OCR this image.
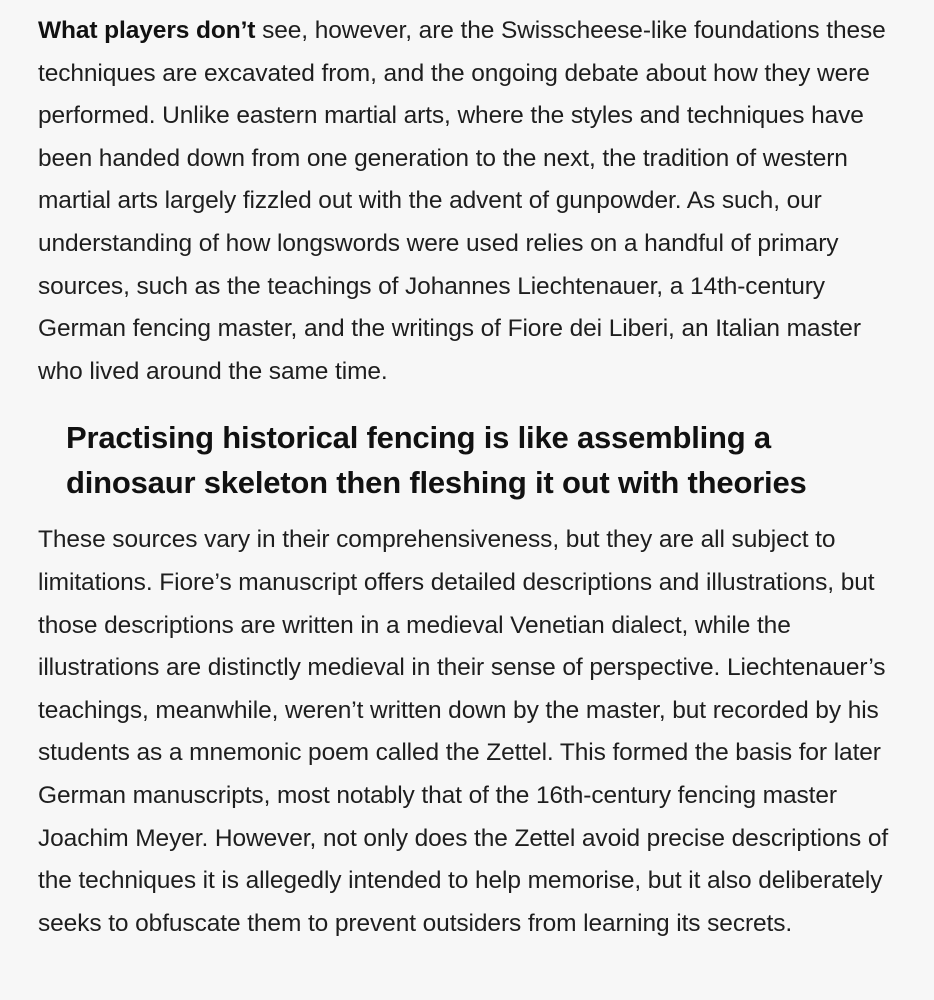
What players don’t see, however, are the Swisscheese-like foundations these techniques are excavated from, and the ongoing debate about how they were performed. Unlike eastern martial arts, where the styles and techniques have been handed down from one generation to the next, the tradition of western martial arts largely fizzled out with the advent of gunpowder. As such, our understanding of how longswords were used relies on a handful of primary sources, such as the teachings of Johannes Liechtenauer, a 14th-century German fencing master, and the writings of Fiore dei Liberi, an Italian master who lived around the same time.

Practising historical fencing is like assembling a dinosaur skeleton then fleshing it out with theories

These sources vary in their comprehensiveness, but they are all subject to limitations. Fiore’s manuscript offers detailed descriptions and illustrations, but those descriptions are written in a medieval Venetian dialect, while the illustrations are distinctly medieval in their sense of perspective. Liechtenauer’s teachings, meanwhile, weren’t written down by the master, but recorded by his students as a mnemonic poem called the Zettel. This formed the basis for later German manuscripts, most notably that of the 16th-century fencing master Joachim Meyer. However, not only does the Zettel avoid precise descriptions of the techniques it is allegedly intended to help memorise, but it also deliberately seeks to obfuscate them to prevent outsiders from learning its secrets.
